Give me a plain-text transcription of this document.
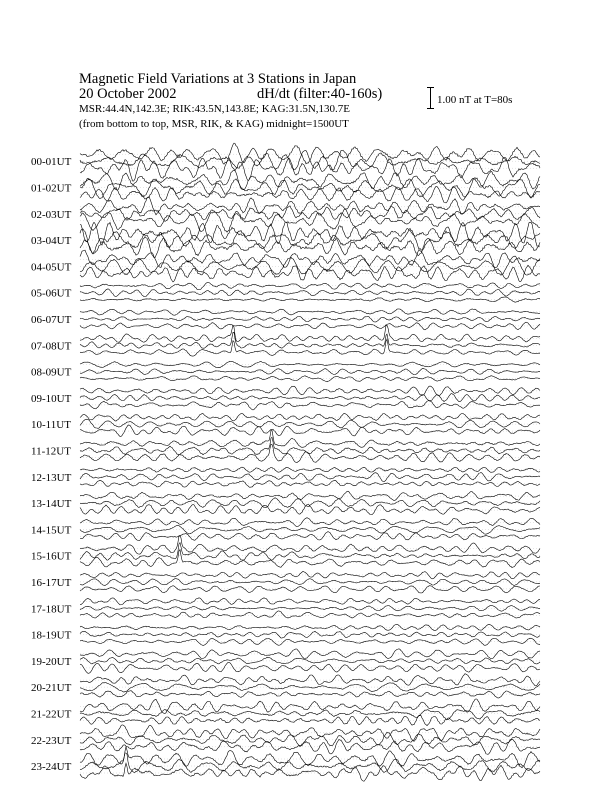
Magnetic Field Variations at 3 Stations in Japan
20 October 2002	dH/dt (filter:40-160s)
MSR:44.4N,142.3E; RIK:43.5N,143.8E; KAG:31.5N,130.7E
(from bottom to top, MSR, RIK, & KAG) midnight=1500UT
1.00 nT at T=80s
00-01UT
01-02UT
02-03UT
03-04UT
04-05UT
05-06UT
06-07UT
07-08UT
08-09UT
09-10UT
10-11UT
11-12UT
12-13UT
13-14UT
14-15UT
15-16UT
16-17UT
17-18UT
18-19UT
19-20UT
20-21UT
21-22UT
22-23UT
23-24UT
